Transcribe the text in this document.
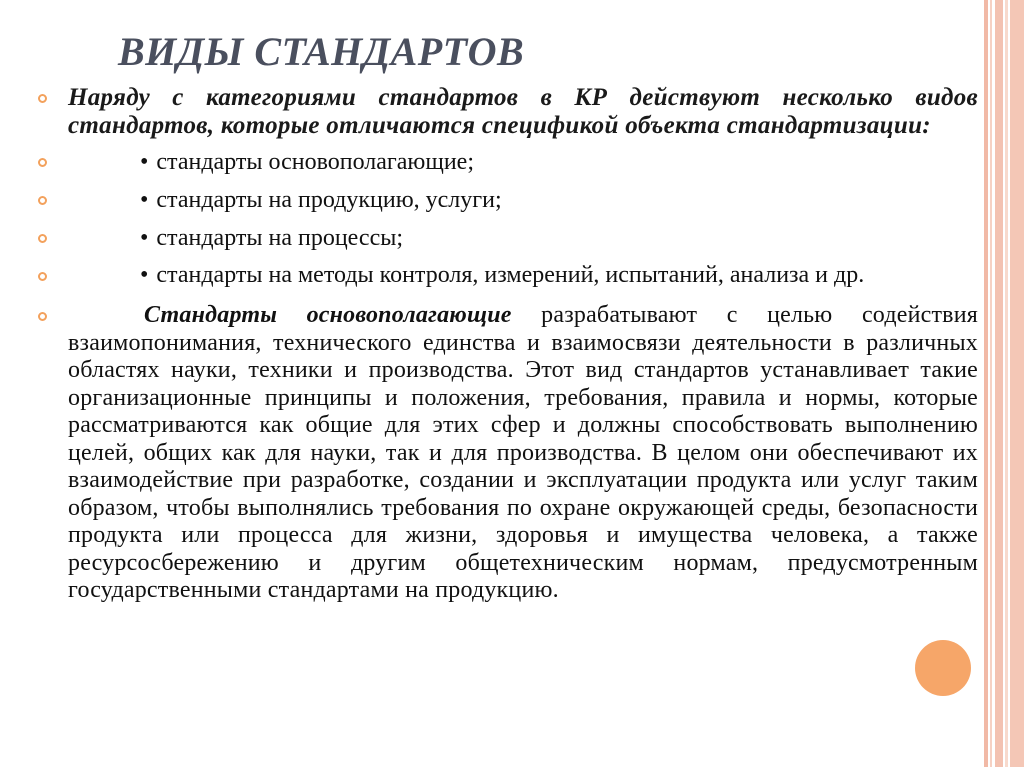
ВИДЫ СТАНДАРТОВ
Наряду с категориями стандартов в КР действуют несколько видов стандартов, которые отличаются спецификой объекта стандартизации:
• стандарты основополагающие;
• стандарты на продукцию, услуги;
• стандарты на процессы;
• стандарты на методы контроля, измерений, испытаний, анализа и др.
Стандарты основополагающие разрабатывают с целью содействия взаимопонимания, технического единства и взаимосвязи деятельности в различных областях науки, техники и производства. Этот вид стандартов устанавливает такие организационные принципы и положения, требования, правила и нормы, которые рассматриваются как общие для этих сфер и должны способствовать выполнению целей, общих как для науки, так и для производства. В целом они обеспечивают их взаимодействие при разработке, создании и эксплуатации продукта или услуг таким образом, чтобы выполнялись требования по охране окружающей среды, безопасности продукта или процесса для жизни, здоровья и имущества человека, а также ресурсосбережению и другим общетехническим нормам, предусмотренным государственными стандартами на продукцию.
